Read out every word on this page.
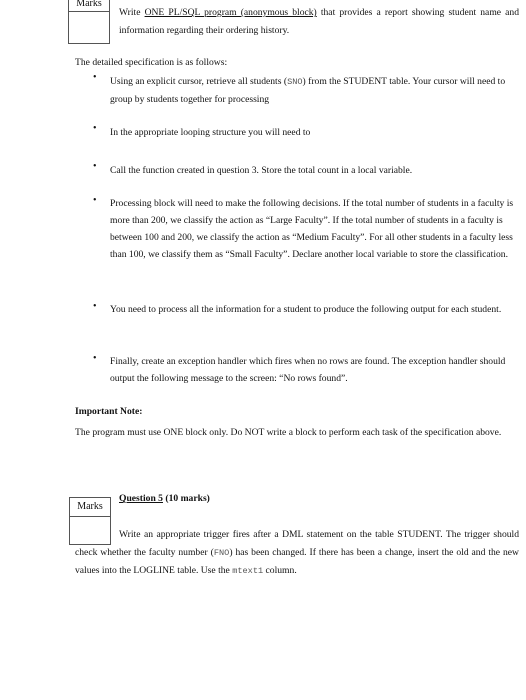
Marks
Write ONE PL/SQL program (anonymous block) that provides a report showing student name and information regarding their ordering history.
The detailed specification is as follows:
• Using an explicit cursor, retrieve all students (SNO) from the STUDENT table. Your cursor will need to group by students together for processing
• In the appropriate looping structure you will need to
• Call the function created in question 3. Store the total count in a local variable.
• Processing block will need to make the following decisions. If the total number of students in a faculty is more than 200, we classify the action as “Large Faculty”. If the total number of students in a faculty is between 100 and 200, we classify the action as “Medium Faculty”. For all other students in a faculty less than 100, we classify them as “Small Faculty”. Declare another local variable to store the classification.
• You need to process all the information for a student to produce the following output for each student.
• Finally, create an exception handler which fires when no rows are found. The exception handler should output the following message to the screen: “No rows found”.
Important Note:
The program must use ONE block only. Do NOT write a block to perform each task of the specification above.
Marks
Question 5 (10 marks)
Write an appropriate trigger fires after a DML statement on the table STUDENT. The trigger should check whether the faculty number (FNO) has been changed. If there has been a change, insert the old and the new values into the LOGLINE table. Use the mtext1 column.
